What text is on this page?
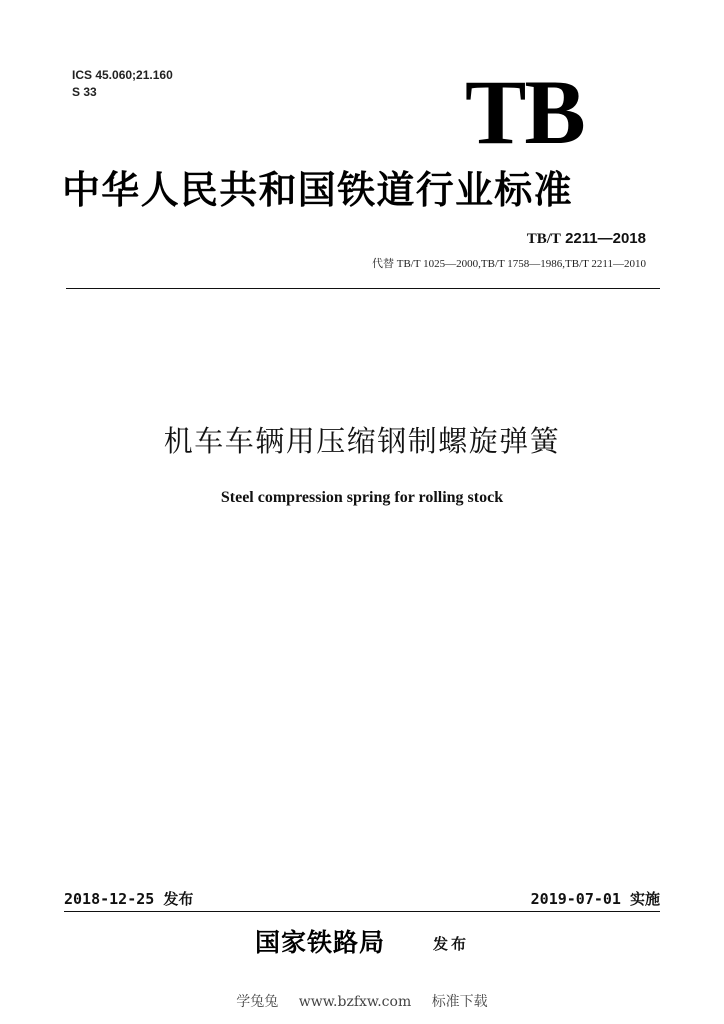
ICS 45.060;21.160
S 33	TB
中华人民共和国铁道行业标准
TB/T 2211—2018
代替 TB/T 1025—2000,TB/T 1758—1986,TB/T 2211—2010
机车车辆用压缩钢制螺旋弹簧
Steel compression spring for rolling stock
2018-12-25 发布	2019-07-01 实施
国家铁路局	发布
学兔兔 www.bzfxw.com 标准下载
